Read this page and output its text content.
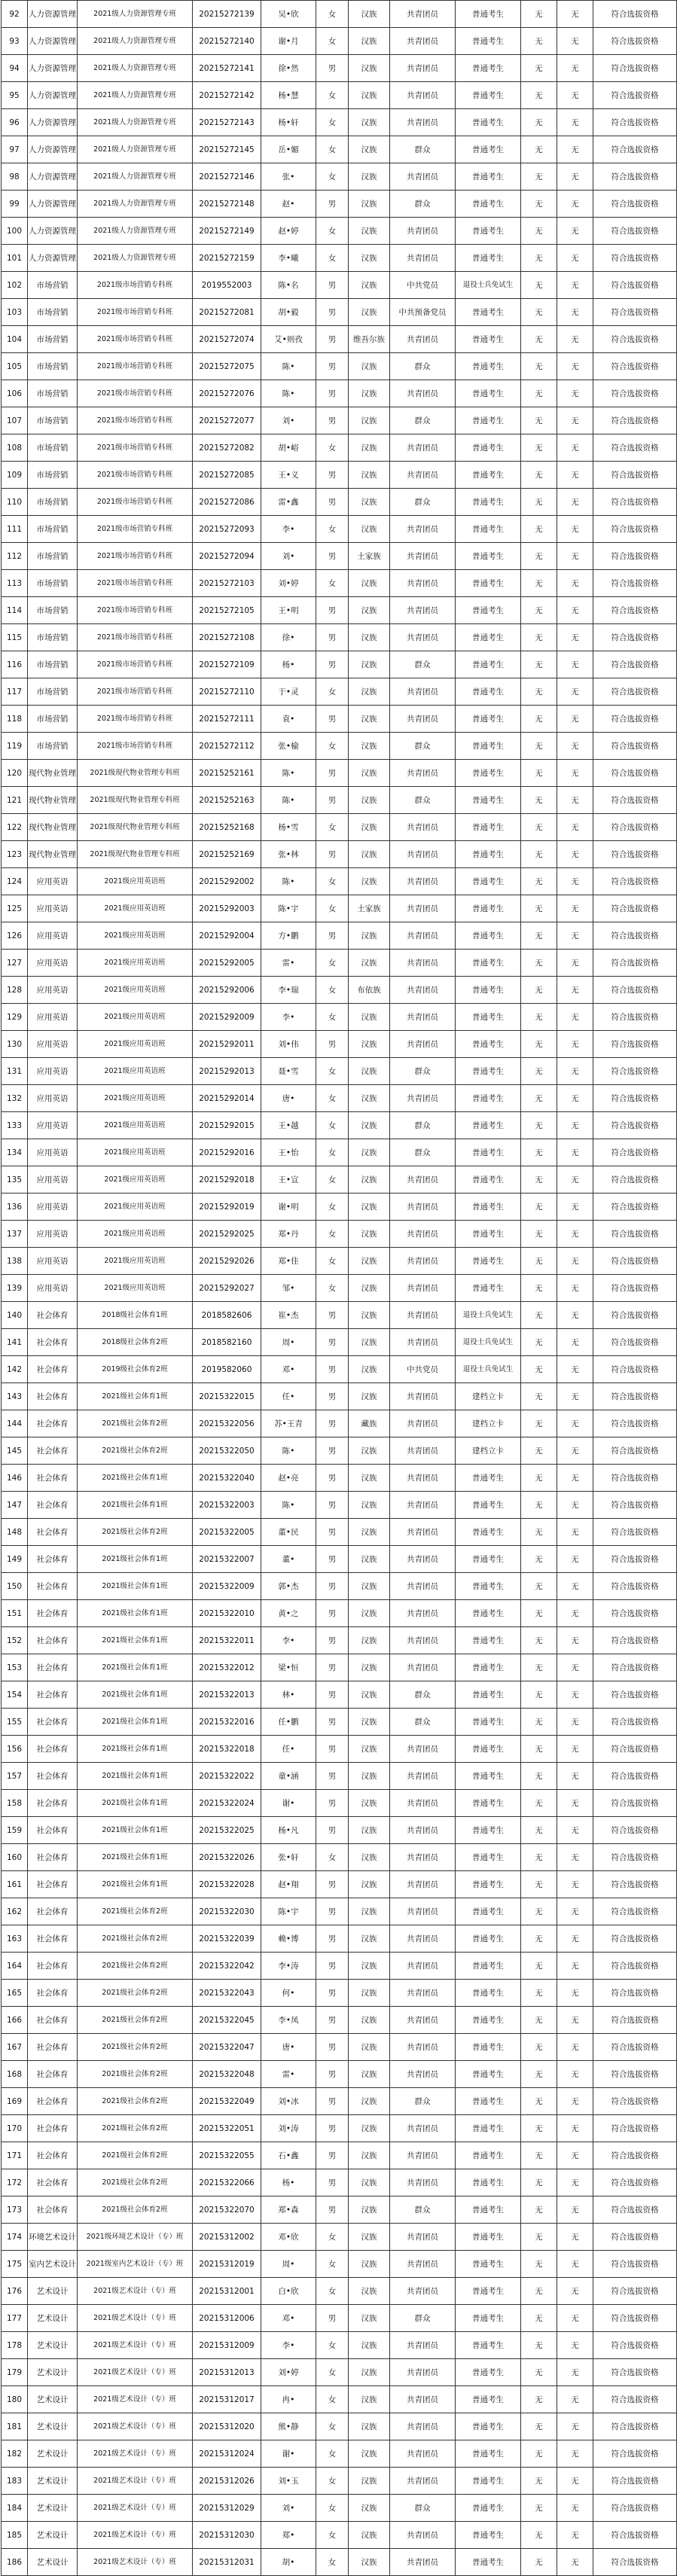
92	人力资源管理	2021级人力资源管理专班	20215272139	吴•欣	女	汉族	共青团员	普通考生	无	无	符合选拔资格
93	人力资源管理	2021级人力资源管理专班	20215272140	谢•月	女	汉族	共青团员	普通考生	无	无	符合选拔资格
94	人力资源管理	2021级人力资源管理专班	20215272141	徐•然	男	汉族	共青团员	普通考生	无	无	符合选拔资格
95	人力资源管理	2021级人力资源管理专班	20215272142	杨•慧	女	汉族	共青团员	普通考生	无	无	符合选拔资格
96	人力资源管理	2021级人力资源管理专班	20215272143	杨•轩	女	汉族	共青团员	普通考生	无	无	符合选拔资格
97	人力资源管理	2021级人力资源管理专班	20215272145	岳•媚	女	汉族	群众	普通考生	无	无	符合选拔资格
98	人力资源管理	2021级人力资源管理专班	20215272146	张•	女	汉族	共青团员	普通考生	无	无	符合选拔资格
99	人力资源管理	2021级人力资源管理专班	20215272148	赵•	男	汉族	群众	普通考生	无	无	符合选拔资格
100	人力资源管理	2021级人力资源管理专班	20215272149	赵•婷	女	汉族	共青团员	普通考生	无	无	符合选拔资格
101	人力资源管理	2021级人力资源管理专班	20215272159	李•曦	女	汉族	共青团员	普通考生	无	无	符合选拔资格
102	市场营销	2021级市场营销专科班	2019552003	陈•名	男	汉族	中共党员	退役士兵免试生	无	无	符合选拔资格
103	市场营销	2021级市场营销专科班	20215272081	胡•毅	男	汉族	中共预备党员	普通考生	无	无	符合选拔资格
104	市场营销	2021级市场营销专科班	20215272074	艾•则孜	男	维吾尔族	共青团员	普通考生	无	无	符合选拔资格
105	市场营销	2021级市场营销专科班	20215272075	陈•	男	汉族	群众	普通考生	无	无	符合选拔资格
106	市场营销	2021级市场营销专科班	20215272076	陈•	男	汉族	共青团员	普通考生	无	无	符合选拔资格
107	市场营销	2021级市场营销专科班	20215272077	刘•	男	汉族	群众	普通考生	无	无	符合选拔资格
108	市场营销	2021级市场营销专科班	20215272082	胡•峪	女	汉族	共青团员	普通考生	无	无	符合选拔资格
109	市场营销	2021级市场营销专科班	20215272085	王•义	男	汉族	共青团员	普通考生	无	无	符合选拔资格
110	市场营销	2021级市场营销专科班	20215272086	雷•鑫	男	汉族	群众	普通考生	无	无	符合选拔资格
111	市场营销	2021级市场营销专科班	20215272093	李•	女	汉族	共青团员	普通考生	无	无	符合选拔资格
112	市场营销	2021级市场营销专科班	20215272094	刘•	男	土家族	共青团员	普通考生	无	无	符合选拔资格
113	市场营销	2021级市场营销专科班	20215272103	刘•婷	女	汉族	共青团员	普通考生	无	无	符合选拔资格
114	市场营销	2021级市场营销专科班	20215272105	王•明	男	汉族	共青团员	普通考生	无	无	符合选拔资格
115	市场营销	2021级市场营销专科班	20215272108	徐•	男	汉族	共青团员	普通考生	无	无	符合选拔资格
116	市场营销	2021级市场营销专科班	20215272109	杨•	男	汉族	群众	普通考生	无	无	符合选拔资格
117	市场营销	2021级市场营销专科班	20215272110	于•灵	女	汉族	共青团员	普通考生	无	无	符合选拔资格
118	市场营销	2021级市场营销专科班	20215272111	袁•	男	汉族	共青团员	普通考生	无	无	符合选拔资格
119	市场营销	2021级市场营销专科班	20215272112	张•榆	女	汉族	群众	普通考生	无	无	符合选拔资格
120	现代物业管理	2021级现代物业管理专科班	20215252161	陈•	男	汉族	共青团员	普通考生	无	无	符合选拔资格
121	现代物业管理	2021级现代物业管理专科班	20215252163	陈•	男	汉族	群众	普通考生	无	无	符合选拔资格
122	现代物业管理	2021级现代物业管理专科班	20215252168	杨•雪	女	汉族	共青团员	普通考生	无	无	符合选拔资格
123	现代物业管理	2021级现代物业管理专科班	20215252169	张•林	男	汉族	共青团员	普通考生	无	无	符合选拔资格
124	应用英语	2021级应用英语班	20215292002	陈•	女	汉族	共青团员	普通考生	无	无	符合选拔资格
125	应用英语	2021级应用英语班	20215292003	陈•宇	女	土家族	共青团员	普通考生	无	无	符合选拔资格
126	应用英语	2021级应用英语班	20215292004	方•鹏	男	汉族	共青团员	普通考生	无	无	符合选拔资格
127	应用英语	2021级应用英语班	20215292005	雷•	女	汉族	共青团员	普通考生	无	无	符合选拔资格
128	应用英语	2021级应用英语班	20215292006	李•瑞	女	布依族	共青团员	普通考生	无	无	符合选拔资格
129	应用英语	2021级应用英语班	20215292009	李•	女	汉族	共青团员	普通考生	无	无	符合选拔资格
130	应用英语	2021级应用英语班	20215292011	刘•伟	男	汉族	共青团员	普通考生	无	无	符合选拔资格
131	应用英语	2021级应用英语班	20215292013	聂•雪	女	汉族	群众	普通考生	无	无	符合选拔资格
132	应用英语	2021级应用英语班	20215292014	唐•	女	汉族	共青团员	普通考生	无	无	符合选拔资格
133	应用英语	2021级应用英语班	20215292015	王•越	女	汉族	群众	普通考生	无	无	符合选拔资格
134	应用英语	2021级应用英语班	20215292016	王•怡	女	汉族	群众	普通考生	无	无	符合选拔资格
135	应用英语	2021级应用英语班	20215292018	王•宣	女	汉族	共青团员	普通考生	无	无	符合选拔资格
136	应用英语	2021级应用英语班	20215292019	谢•明	女	汉族	共青团员	普通考生	无	无	符合选拔资格
137	应用英语	2021级应用英语班	20215292025	郑•丹	女	汉族	共青团员	普通考生	无	无	符合选拔资格
138	应用英语	2021级应用英语班	20215292026	郑•佳	女	汉族	共青团员	普通考生	无	无	符合选拔资格
139	应用英语	2021级应用英语班	20215292027	邹•	女	汉族	共青团员	普通考生	无	无	符合选拔资格
140	社会体育	2018级社会体育1班	2018582606	崔•杰	男	汉族	共青团员	退役士兵免试生	无	无	符合选拔资格
141	社会体育	2018级社会体育2班	2018582160	周•	男	汉族	共青团员	退役士兵免试生	无	无	符合选拔资格
142	社会体育	2019级社会体育2班	2019582060	邓•	男	汉族	中共党员	退役士兵免试生	无	无	符合选拔资格
143	社会体育	2021级社会体育1班	20215322015	任•	男	汉族	共青团员	建档立卡	无	无	符合选拔资格
144	社会体育	2021级社会体育2班	20215322056	苏•王青	男	藏族	共青团员	建档立卡	无	无	符合选拔资格
145	社会体育	2021级社会体育2班	20215322050	陈•	男	汉族	共青团员	建档立卡	无	无	符合选拔资格
146	社会体育	2021级社会体育1班	20215322040	赵•亮	男	汉族	共青团员	普通考生	无	无	符合选拔资格
147	社会体育	2021级社会体育1班	20215322003	陈•	男	汉族	共青团员	普通考生	无	无	符合选拔资格
148	社会体育	2021级社会体育2班	20215322005	董•民	男	汉族	共青团员	普通考生	无	无	符合选拔资格
149	社会体育	2021级社会体育1班	20215322007	董•	男	汉族	共青团员	普通考生	无	无	符合选拔资格
150	社会体育	2021级社会体育1班	20215322009	郭•杰	男	汉族	共青团员	普通考生	无	无	符合选拔资格
151	社会体育	2021级社会体育1班	20215322010	黄•之	男	汉族	共青团员	普通考生	无	无	符合选拔资格
152	社会体育	2021级社会体育1班	20215322011	李•	男	汉族	共青团员	普通考生	无	无	符合选拔资格
153	社会体育	2021级社会体育1班	20215322012	梁•恒	男	汉族	共青团员	普通考生	无	无	符合选拔资格
154	社会体育	2021级社会体育1班	20215322013	林•	男	汉族	群众	普通考生	无	无	符合选拔资格
155	社会体育	2021级社会体育1班	20215322016	任•鹏	男	汉族	群众	普通考生	无	无	符合选拔资格
156	社会体育	2021级社会体育1班	20215322018	任•	男	汉族	共青团员	普通考生	无	无	符合选拔资格
157	社会体育	2021级社会体育1班	20215322022	童•涵	男	汉族	共青团员	普通考生	无	无	符合选拔资格
158	社会体育	2021级社会体育1班	20215322024	谢•	男	汉族	共青团员	普通考生	无	无	符合选拔资格
159	社会体育	2021级社会体育1班	20215322025	杨•凡	男	汉族	共青团员	普通考生	无	无	符合选拔资格
160	社会体育	2021级社会体育1班	20215322026	张•轩	女	汉族	共青团员	普通考生	无	无	符合选拔资格
161	社会体育	2021级社会体育1班	20215322028	赵•翔	男	汉族	共青团员	普通考生	无	无	符合选拔资格
162	社会体育	2021级社会体育2班	20215322030	陈•宇	男	汉族	共青团员	普通考生	无	无	符合选拔资格
163	社会体育	2021级社会体育2班	20215322039	赖•博	男	汉族	共青团员	普通考生	无	无	符合选拔资格
164	社会体育	2021级社会体育2班	20215322042	李•涛	男	汉族	共青团员	普通考生	无	无	符合选拔资格
165	社会体育	2021级社会体育2班	20215322043	何•	男	汉族	共青团员	普通考生	无	无	符合选拔资格
166	社会体育	2021级社会体育2班	20215322045	李•凤	男	汉族	共青团员	普通考生	无	无	符合选拔资格
167	社会体育	2021级社会体育2班	20215322047	唐•	男	汉族	共青团员	普通考生	无	无	符合选拔资格
168	社会体育	2021级社会体育2班	20215322048	雷•	男	汉族	共青团员	普通考生	无	无	符合选拔资格
169	社会体育	2021级社会体育2班	20215322049	刘•冰	男	汉族	群众	普通考生	无	无	符合选拔资格
170	社会体育	2021级社会体育2班	20215322051	刘•涛	男	汉族	共青团员	普通考生	无	无	符合选拔资格
171	社会体育	2021级社会体育2班	20215322055	石•鑫	男	汉族	共青团员	普通考生	无	无	符合选拔资格
172	社会体育	2021级社会体育2班	20215322066	杨•	男	汉族	共青团员	普通考生	无	无	符合选拔资格
173	社会体育	2021级社会体育2班	20215322070	郑•森	男	汉族	群众	普通考生	无	无	符合选拔资格
174	环境艺术设计	2021级环境艺术设计（专）班	20215312002	邓•欣	女	汉族	共青团员	普通考生	无	无	符合选拔资格
175	室内艺术设计	2021级室内艺术设计（专）班	20215312019	周•	女	汉族	共青团员	普通考生	无	无	符合选拔资格
176	艺术设计	2021级艺术设计（专）班	20215312001	白•欣	女	汉族	共青团员	普通考生	无	无	符合选拔资格
177	艺术设计	2021级艺术设计（专）班	20215312006	邓•	男	汉族	群众	普通考生	无	无	符合选拔资格
178	艺术设计	2021级艺术设计（专）班	20215312009	李•	女	汉族	共青团员	普通考生	无	无	符合选拔资格
179	艺术设计	2021级艺术设计（专）班	20215312013	刘•婷	女	汉族	共青团员	普通考生	无	无	符合选拔资格
180	艺术设计	2021级艺术设计（专）班	20215312017	冉•	女	汉族	共青团员	普通考生	无	无	符合选拔资格
181	艺术设计	2021级艺术设计（专）班	20215312020	熊•静	女	汉族	共青团员	普通考生	无	无	符合选拔资格
182	艺术设计	2021级艺术设计（专）班	20215312024	谢•	女	汉族	共青团员	普通考生	无	无	符合选拔资格
183	艺术设计	2021级艺术设计（专）班	20215312026	刘•玉	女	汉族	共青团员	普通考生	无	无	符合选拔资格
184	艺术设计	2021级艺术设计（专）班	20215312029	刘•	女	汉族	群众	普通考生	无	无	符合选拔资格
185	艺术设计	2021级艺术设计（专）班	20215312030	郑•	女	汉族	共青团员	普通考生	无	无	符合选拔资格
186	艺术设计	2021级艺术设计（专）班	20215312031	胡•	女	汉族	共青团员	普通考生	无	无	符合选拔资格
